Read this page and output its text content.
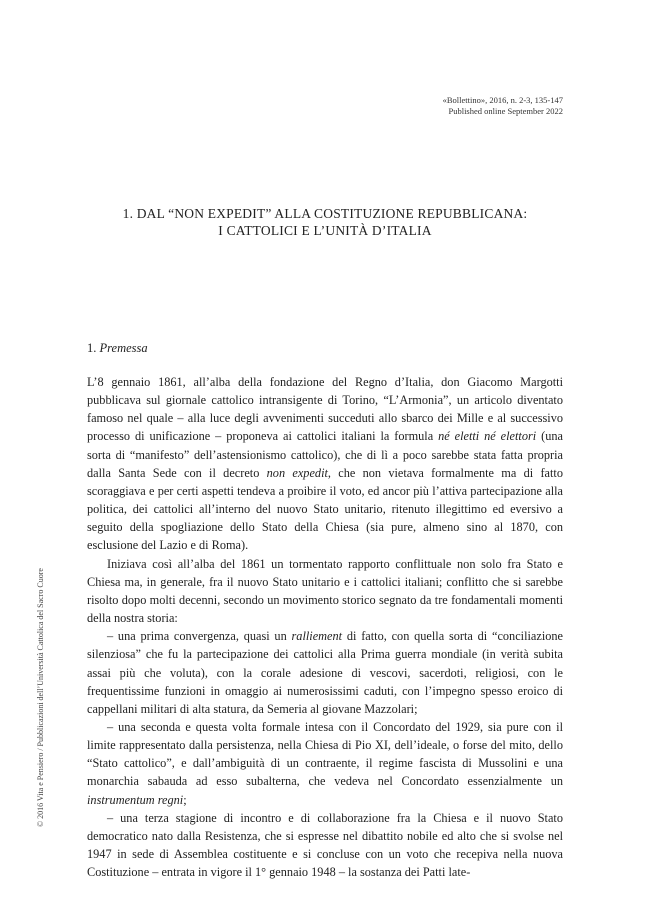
«Bollettino», 2016, n. 2-3, 135-147
Published online September 2022
1. DAL “NON EXPEDIT” ALLA COSTITUZIONE REPUBBLICANA:
I CATTOLICI E L’UNITÀ D’ITALIA
1. Premessa

L’8 gennaio 1861, all’alba della fondazione del Regno d’Italia, don Giacomo Margotti pubblicava sul giornale cattolico intransigente di Torino, “L’Armonia”, un articolo diventato famoso nel quale – alla luce degli avvenimenti succeduti allo sbarco dei Mille e al successivo processo di unificazione – proponeva ai cattolici italiani la formula né eletti né elettori (una sorta di “manifesto” dell’astensionismo cattolico), che di lì a poco sarebbe stata fatta propria dalla Santa Sede con il decreto non expedit, che non vietava formalmente ma di fatto scoraggiava e per certi aspetti tendeva a proibire il voto, ed ancor più l’attiva partecipazione alla politica, dei cattolici all’interno del nuovo Stato unitario, ritenuto illegittimo ed eversivo a seguito della spogliazione dello Stato della Chiesa (sia pure, almeno sino al 1870, con esclusione del Lazio e di Roma).

Iniziava così all’alba del 1861 un tormentato rapporto conflittuale non solo fra Stato e Chiesa ma, in generale, fra il nuovo Stato unitario e i cattolici italiani; conflitto che si sarebbe risolto dopo molti decenni, secondo un movimento storico segnato da tre fondamentali momenti della nostra storia:

– una prima convergenza, quasi un ralliement di fatto, con quella sorta di “conciliazione silenziosa” che fu la partecipazione dei cattolici alla Prima guerra mondiale (in verità subita assai più che voluta), con la corale adesione di vescovi, sacerdoti, religiosi, con le frequentissime funzioni in omaggio ai numerosissimi caduti, con l’impegno spesso eroico di cappellani militari di alta statura, da Semeria al giovane Mazzolari;

– una seconda e questa volta formale intesa con il Concordato del 1929, sia pure con il limite rappresentato dalla persistenza, nella Chiesa di Pio XI, dell’ideale, o forse del mito, dello “Stato cattolico”, e dall’ambiguità di un contraente, il regime fascista di Mussolini e una monarchia sabauda ad esso subalterna, che vedeva nel Concordato essenzialmente un instrumentum regni;

– una terza stagione di incontro e di collaborazione fra la Chiesa e il nuovo Stato democratico nato dalla Resistenza, che si espresse nel dibattito nobile ed alto che si svolse nel 1947 in sede di Assemblea costituente e si concluse con un voto che recepiva nella nuova Costituzione – entrata in vigore il 1° gennaio 1948 – la sostanza dei Patti late-

© 2016 Vita e Pensiero / Pubblicazioni dell’Università Cattolica del Sacro Cuore
